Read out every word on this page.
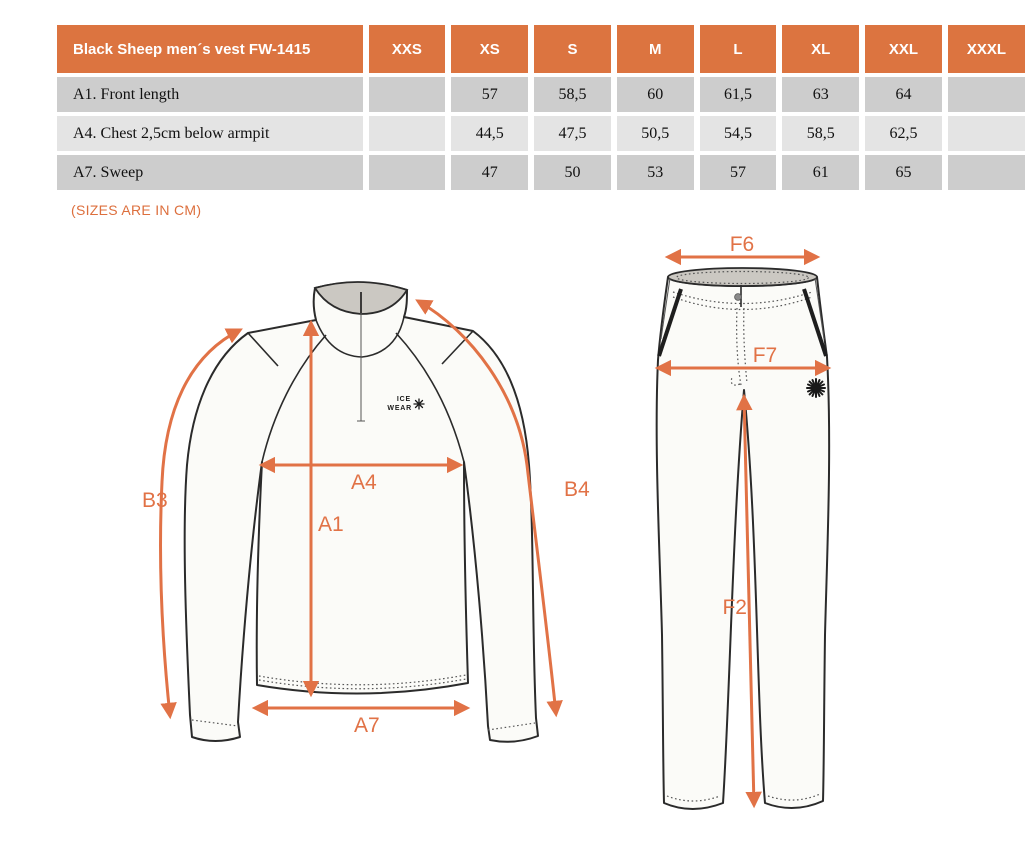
Black Sheep men´s vest FW-1415	XXS	XS	S	M	L	XL	XXL	XXXL
A1. Front length		57	58,5	60	61,5	63	64	
A4. Chest 2,5cm below armpit		44,5	47,5	50,5	54,5	58,5	62,5	
A7. Sweep		47	50	53	57	61	65	
(SIZES ARE IN CM)
ICE
WEAR
B3	B4
A4
A1
A7
F6
F7
F2
